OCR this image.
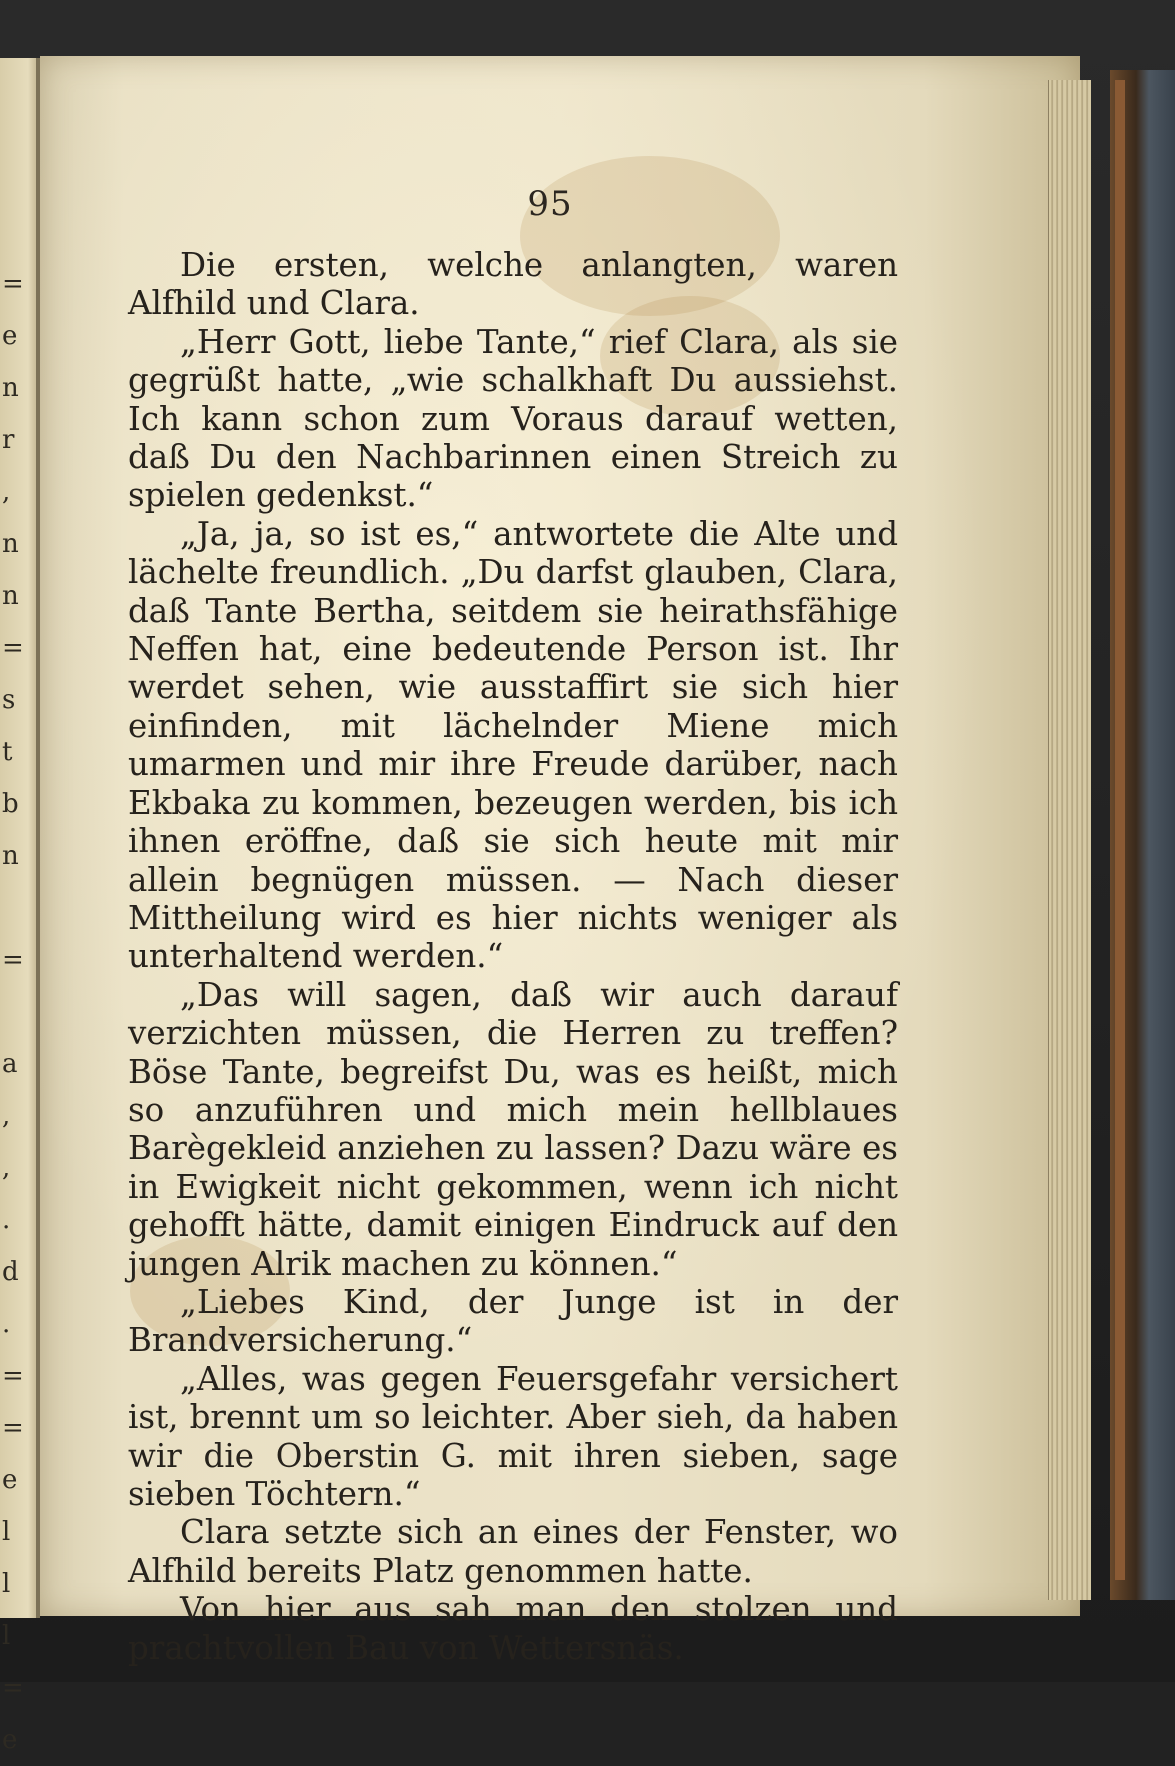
=
e
n
r
,
n
n
=
s
t
b
n

=

a
,
,
.
d
.
=
=
e
l
l
l
=
e
95

Die ersten, welche anlangten, waren Alfhild und Clara.

„Herr Gott, liebe Tante,“ rief Clara, als sie gegrüßt hatte, „wie schalkhaft Du aussiehst. Ich kann schon zum Voraus darauf wetten, daß Du den Nachbarinnen einen Streich zu spielen gedenkst.“

„Ja, ja, so ist es,“ antwortete die Alte und lächelte freundlich. „Du darfst glauben, Clara, daß Tante Bertha, seitdem sie heirathsfähige Neffen hat, eine bedeutende Person ist. Ihr werdet sehen, wie ausstaffirt sie sich hier einfinden, mit lächelnder Miene mich umarmen und mir ihre Freude darüber, nach Ekbaka zu kommen, bezeugen werden, bis ich ihnen eröffne, daß sie sich heute mit mir allein begnügen müssen. — Nach dieser Mittheilung wird es hier nichts weniger als unterhaltend werden.“

„Das will sagen, daß wir auch darauf verzichten müssen, die Herren zu treffen? Böse Tante, begreifst Du, was es heißt, mich so anzuführen und mich mein hellblaues Barègekleid anziehen zu lassen? Dazu wäre es in Ewigkeit nicht gekommen, wenn ich nicht gehofft hätte, damit einigen Eindruck auf den jungen Alrik machen zu können.“

„Liebes Kind, der Junge ist in der Brandversicherung.“

„Alles, was gegen Feuersgefahr versichert ist, brennt um so leichter. Aber sieh, da haben wir die Oberstin G. mit ihren sieben, sage sieben Töchtern.“

Clara setzte sich an eines der Fenster, wo Alfhild bereits Platz genommen hatte.

Von hier aus sah man den stolzen und prachtvollen Bau von Wettersnäs.
